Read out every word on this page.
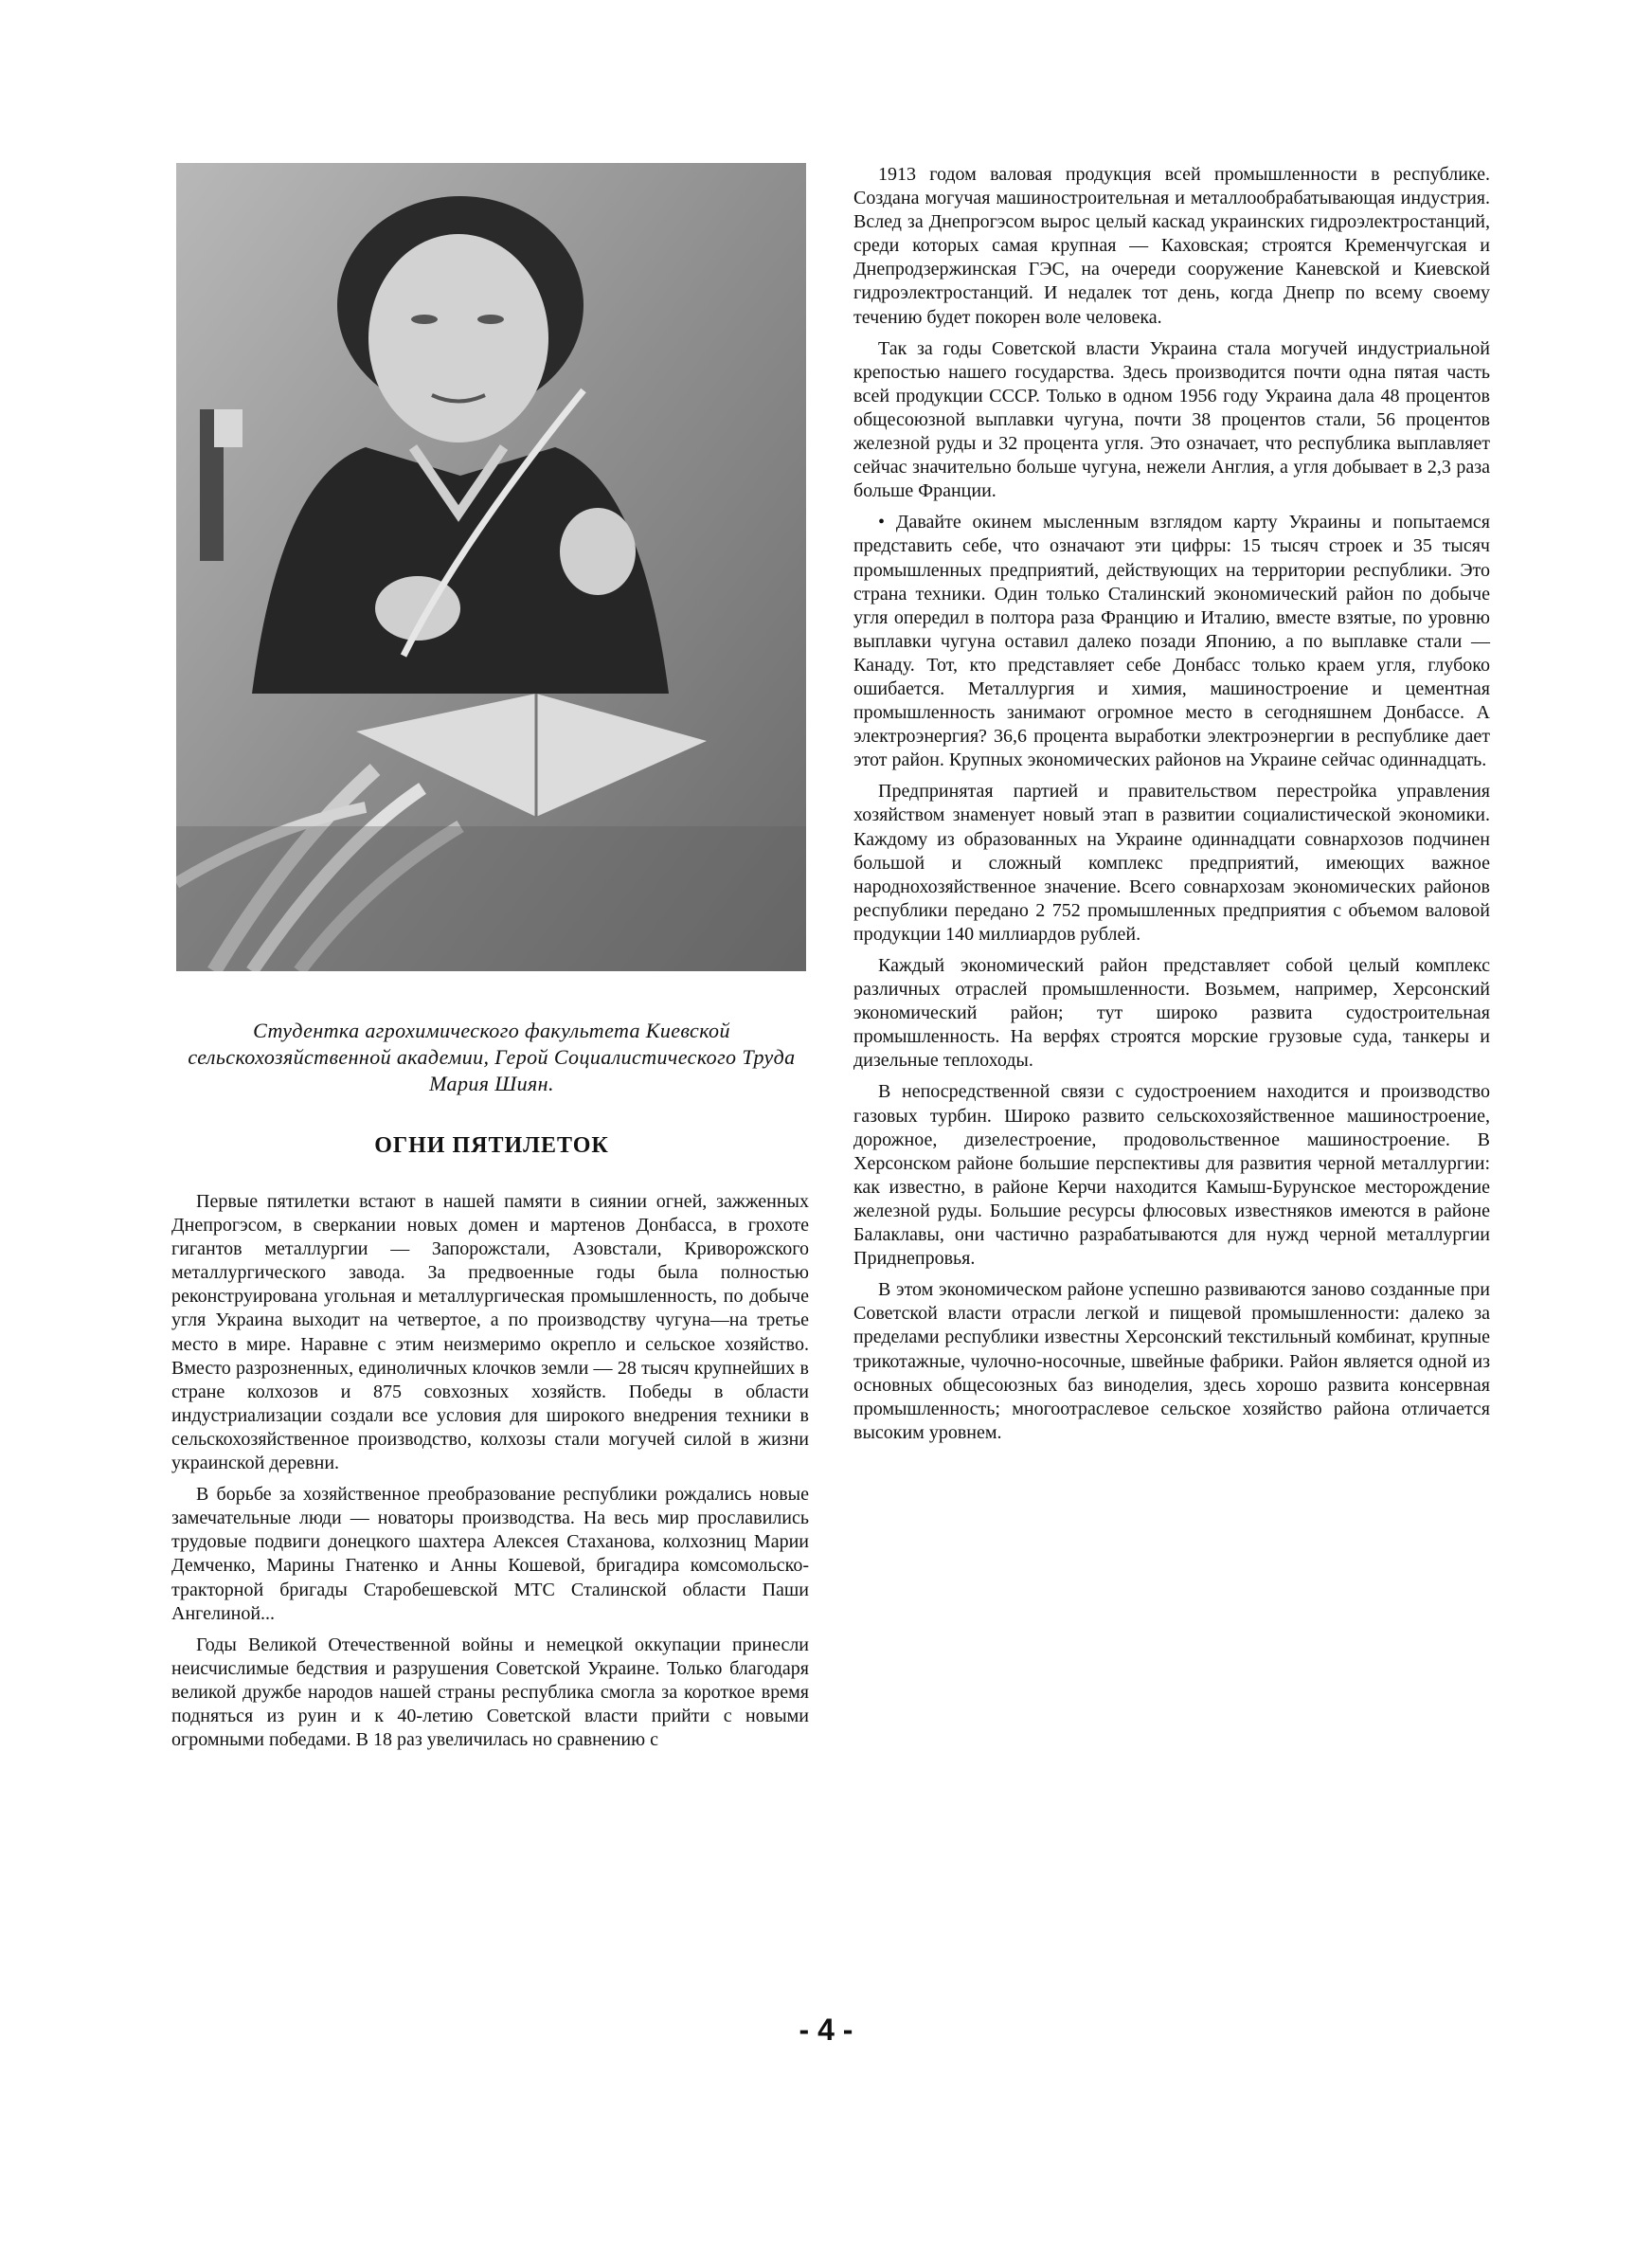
Студентка агрохимического факультета Киевской сельскохозяйственной академии, Герой Социалистического Труда Мария Шиян.
ОГНИ ПЯТИЛЕТОК

Первые пятилетки встают в нашей памяти в сиянии огней, зажженных Днепрогэсом, в сверкании новых домен и мартенов Донбасса, в грохоте гигантов металлургии — Запорожстали, Азовстали, Криворожского металлургического завода. За предвоенные годы была полностью реконструирована угольная и металлургическая промышленность, по добыче угля Украина выходит на четвертое, а по производству чугуна—на третье место в мире. Наравне с этим неизмеримо окрепло и сельское хозяйство. Вместо разрозненных, единоличных клочков земли — 28 тысяч крупнейших в стране колхозов и 875 совхозных хозяйств. Победы в области индустриализации создали все условия для широкого внедрения техники в сельскохозяйственное производство, колхозы стали могучей силой в жизни украинской деревни.

В борьбе за хозяйственное преобразование республики рождались новые замечательные люди — новаторы производства. На весь мир прославились трудовые подвиги донецкого шахтера Алексея Стаханова, колхозниц Марии Демченко, Марины Гнатенко и Анны Кошевой, бригадира комсомольско-тракторной бригады Старобешевской МТС Сталинской области Паши Ангелиной...

Годы Великой Отечественной войны и немецкой оккупации принесли неисчислимые бедствия и разрушения Советской Украине. Только благодаря великой дружбе народов нашей страны республика смогла за короткое время подняться из руин и к 40-летию Советской власти прийти с новыми огромными победами. В 18 раз увеличилась но сравнению с

1913 годом валовая продукция всей промышленности в республике. Создана могучая машиностроительная и металлообрабатывающая индустрия. Вслед за Днепрогэсом вырос целый каскад украинских гидроэлектростанций, среди которых самая крупная — Каховская; строятся Кременчугская и Днепродзержинская ГЭС, на очереди сооружение Каневской и Киевской гидроэлектростанций. И недалек тот день, когда Днепр по всему своему течению будет покорен воле человека.

Так за годы Советской власти Украина стала могучей индустриальной крепостью нашего государства. Здесь производится почти одна пятая часть всей продукции СССР. Только в одном 1956 году Украина дала 48 процентов общесоюзной выплавки чугуна, почти 38 процентов стали, 56 процентов железной руды и 32 процента угля. Это означает, что республика выплавляет сейчас значительно больше чугуна, нежели Англия, а угля добывает в 2,3 раза больше Франции.

• Давайте окинем мысленным взглядом карту Украины и попытаемся представить себе, что означают эти цифры: 15 тысяч строек и 35 тысяч промышленных предприятий, действующих на территории республики. Это страна техники. Один только Сталинский экономический район по добыче угля опередил в полтора раза Францию и Италию, вместе взятые, по уровню выплавки чугуна оставил далеко позади Японию, а по выплавке стали — Канаду. Тот, кто представляет себе Донбасс только краем угля, глубоко ошибается. Металлургия и химия, машиностроение и цементная промышленность занимают огромное место в сегодняшнем Донбассе. А электроэнергия? 36,6 процента выработки электроэнергии в республике дает этот район. Крупных экономических районов на Украине сейчас одиннадцать.

Предпринятая партией и правительством перестройка управления хозяйством знаменует новый этап в развитии социалистической экономики. Каждому из образованных на Украине одиннадцати совнархозов подчинен большой и сложный комплекс предприятий, имеющих важное народнохозяйственное значение. Всего совнархозам экономических районов республики передано 2 752 промышленных предприятия с объемом валовой продукции 140 миллиардов рублей.

Каждый экономический район представляет собой целый комплекс различных отраслей промышленности. Возьмем, например, Херсонский экономический район; тут широко развита судостроительная промышленность. На верфях строятся морские грузовые суда, танкеры и дизельные теплоходы.

В непосредственной связи с судостроением находится и производство газовых турбин. Широко развито сельскохозяйственное машиностроение, дорожное, дизелестроение, продовольственное машиностроение. В Херсонском районе большие перспективы для развития черной металлургии: как известно, в районе Керчи находится Камыш-Бурунское месторождение железной руды. Большие ресурсы флюсовых известняков имеются в районе Балаклавы, они частично разрабатываются для нужд черной металлургии Приднепровья.

В этом экономическом районе успешно развиваются заново созданные при Советской власти отрасли легкой и пищевой промышленности: далеко за пределами республики известны Херсонский текстильный комбинат, крупные трикотажные, чулочно-носочные, швейные фабрики. Район является одной из основных общесоюзных баз виноделия, здесь хорошо развита консервная промышленность; многоотраслевое сельское хозяйство района отличается высоким уровнем.

- 4 -
